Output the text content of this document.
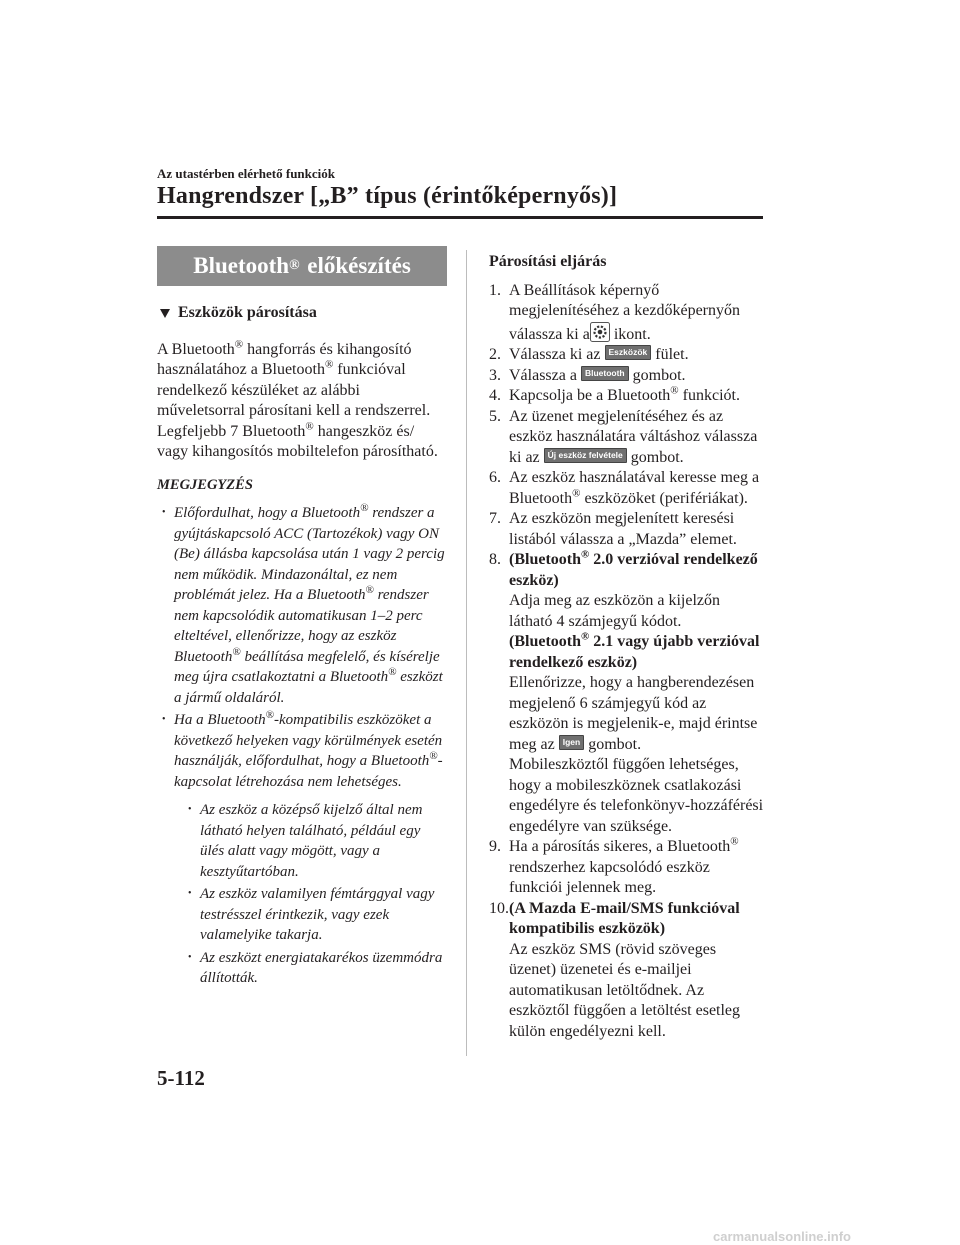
Az utastérben elérhető funkciók
Hangrendszer [„B” típus (érintőképernyős)]
Bluetooth ® előkészítés
Eszközök párosítása
A Bluetooth® hangforrás és kihangosító használatához a Bluetooth® funkcióval rendelkező készüléket az alábbi műveletsorral párosítani kell a rendszerrel. Legfeljebb 7 Bluetooth® hangeszköz és/ vagy kihangosítós mobiltelefon párosítható.
MEGJEGYZÉS
• Előfordulhat, hogy a Bluetooth® rendszer a gyújtáskapcsoló ACC (Tartozékok) vagy ON (Be) állásba kapcsolása után 1 vagy 2 percig nem működik. Mindazonáltal, ez nem problémát jelez. Ha a Bluetooth® rendszer nem kapcsolódik automatikusan 1–2 perc elteltével, ellenőrizze, hogy az eszköz Bluetooth® beállítása megfelelő, és kísérelje meg újra csatlakoztatni a Bluetooth® eszközt a jármű oldaláról.
• Ha a Bluetooth®-kompatibilis eszközöket a következő helyeken vagy körülmények esetén használják, előfordulhat, hogy a Bluetooth®-kapcsolat létrehozása nem lehetséges.
• Az eszköz a középső kijelző által nem látható helyen található, például egy ülés alatt vagy mögött, vagy a kesztyűtartóban.
• Az eszköz valamilyen fémtárggyal vagy testrésszel érintkezik, vagy ezek valamelyike takarja.
• Az eszközt energiatakarékos üzemmódra állították.
Párosítási eljárás
1. A Beállítások képernyő megjelenítéséhez a kezdőképernyőn válassza ki a ikont.
2. Válassza ki az Eszközök fület.
3. Válassza a Bluetooth gombot.
4. Kapcsolja be a Bluetooth® funkciót.
5. Az üzenet megjelenítéséhez és az eszköz használatára váltáshoz válassza ki az Új eszköz felvétele gombot.
6. Az eszköz használatával keresse meg a Bluetooth® eszközöket (perifériákat).
7. Az eszközön megjelenített keresési listából válassza a „Mazda” elemet.
8. (Bluetooth® 2.0 verzióval rendelkező eszköz)
Adja meg az eszközön a kijelzőn látható 4 számjegyű kódot.
(Bluetooth® 2.1 vagy újabb verzióval rendelkező eszköz)
Ellenőrizze, hogy a hangberendezésen megjelenő 6 számjegyű kód az eszközön is megjelenik-e, majd érintse meg az Igen gombot.
Mobileszköztől függően lehetséges, hogy a mobileszköznek csatlakozási engedélyre és telefonkönyv-hozzáférési engedélyre van szüksége.
9. Ha a párosítás sikeres, a Bluetooth® rendszerhez kapcsolódó eszköz funkciói jelennek meg.
10. (A Mazda E-mail/SMS funkcióval kompatibilis eszközök)
Az eszköz SMS (rövid szöveges üzenet) üzenetei és e-mailjei automatikusan letöltődnek. Az eszköztől függően a letöltést esetleg külön engedélyezni kell.
5-112
carmanualsonline.info
